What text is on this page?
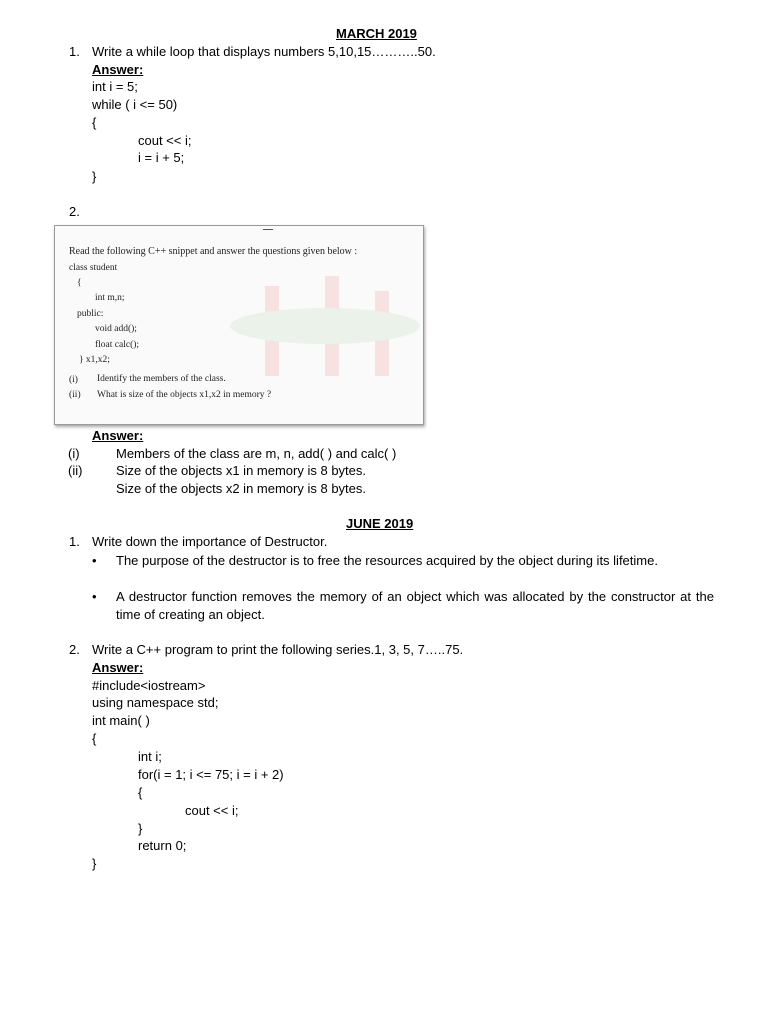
MARCH 2019
1. Write a while loop that displays numbers 5,10,15………..50.
Answer:
int i = 5;
while ( i <= 50)
{
cout << i;
i = i + 5;
}
2.
Read the following C++ snippet and answer the questions given below :
class student
{
int m,n;
public:
void add();
float calc();
} x1,x2;
(i) Identify the members of the class.
(ii) What is size of the objects x1,x2 in memory ?
Answer:
(i)	Members of the class are m, n, add( ) and calc( )
(ii)	Size of the objects x1 in memory is 8 bytes.
Size of the objects x2 in memory is 8 bytes.
JUNE 2019
1. Write down the importance of Destructor.
• The purpose of the destructor is to free the resources acquired by the object during its lifetime.
• A destructor function removes the memory of an object which was allocated by the constructor at the time of creating an object.
2. Write a C++ program to print the following series.1, 3, 5, 7…..75.
Answer:
#include<iostream>
using namespace std;
int main( )
{
int i;
for(i = 1; i <= 75; i = i + 2)
{
cout << i;
}
return 0;
}
